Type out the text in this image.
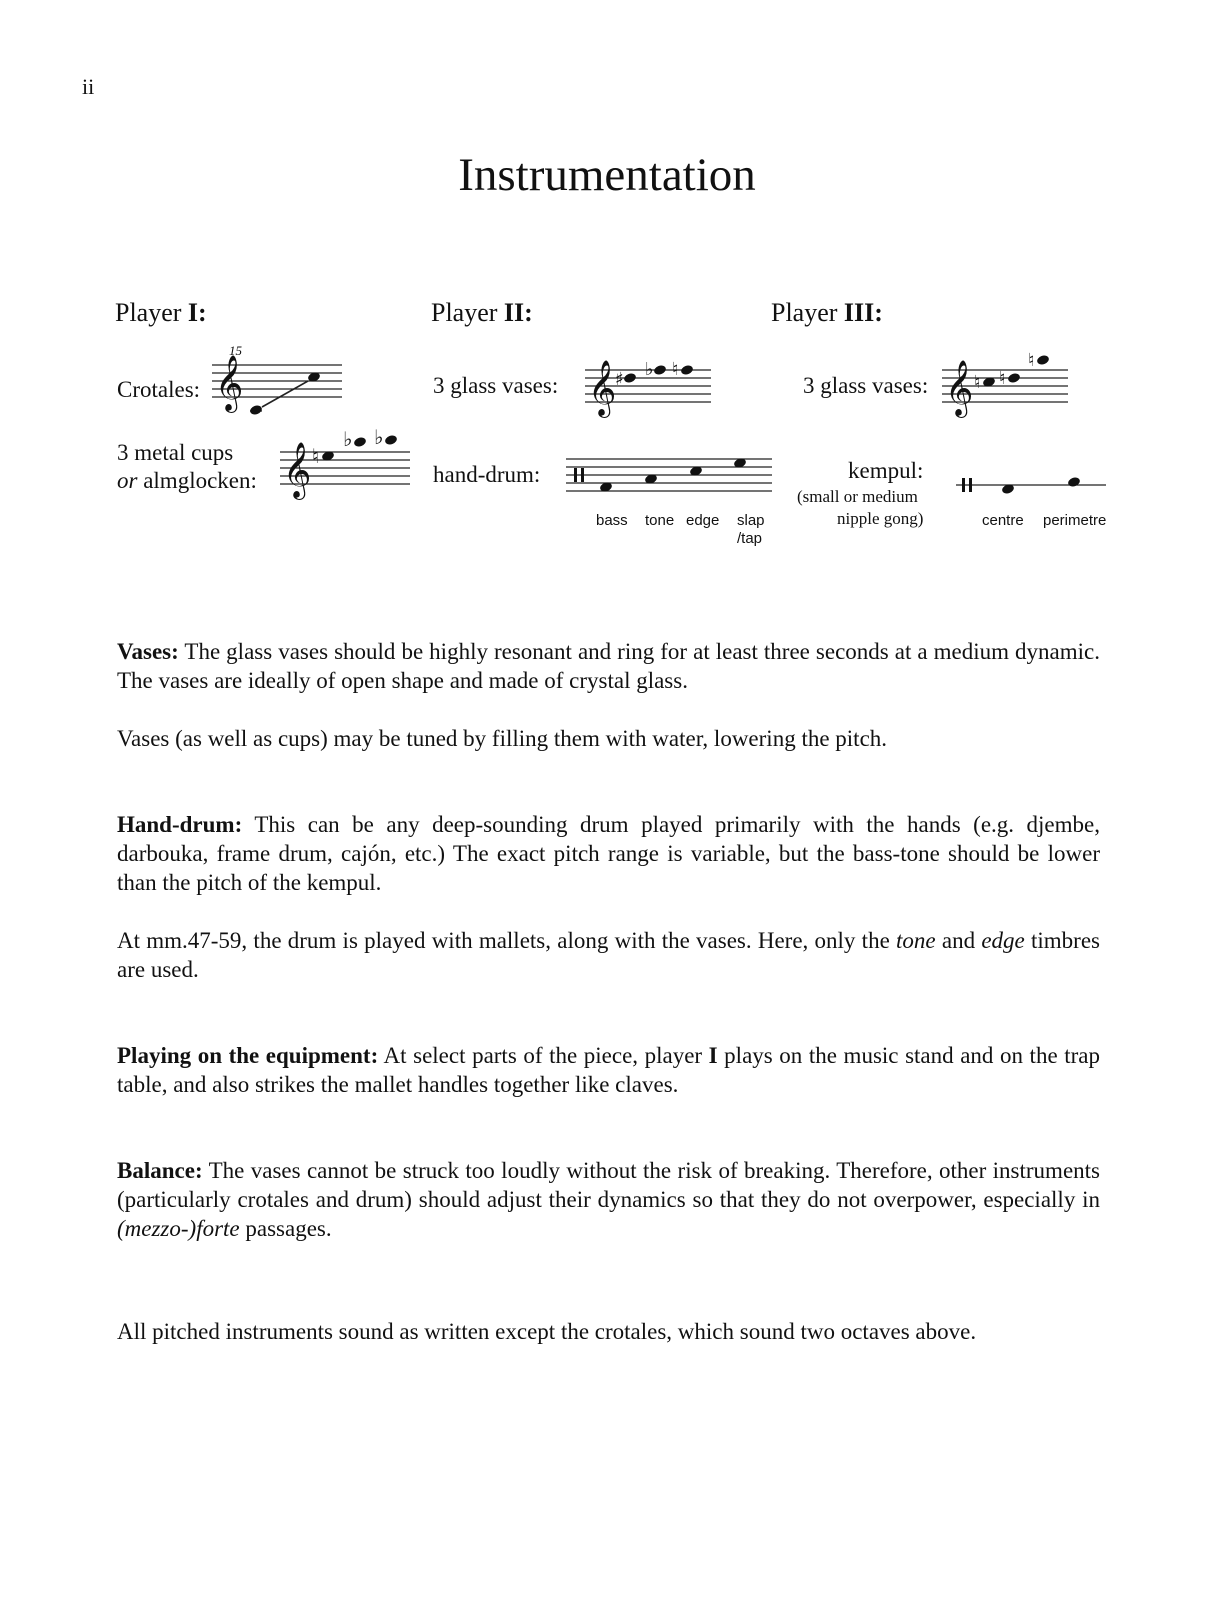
ii
Instrumentation
Player I:	Player II:	Player III:
Crotales:
15
𝄞
3 metal cups
or almglocken: 𝄞 ♮
♭ ♭
3 glass vases: 𝄞
♯ ♭ ♮
hand-drum:
bass tone edge slap
/tap
3 glass vases: 𝄞 ♮ ♮
♮
kempul:
(small or medium
nipple gong)	centre perimetre
Vases: The glass vases should be highly resonant and ring for at least three seconds at a medium dynamic. The vases are ideally of open shape and made of crystal glass.
Vases (as well as cups) may be tuned by filling them with water, lowering the pitch.
Hand-drum: This can be any deep-sounding drum played primarily with the hands (e.g. djembe, darbouka, frame drum, cajón, etc.) The exact pitch range is variable, but the bass-tone should be lower than the pitch of the kempul.
At mm.47-59, the drum is played with mallets, along with the vases. Here, only the tone and edge timbres are used.
Playing on the equipment: At select parts of the piece, player I plays on the music stand and on the trap table, and also strikes the mallet handles together like claves.
Balance: The vases cannot be struck too loudly without the risk of breaking. Therefore, other instruments (particularly crotales and drum) should adjust their dynamics so that they do not overpower, especially in (mezzo-)forte passages.
All pitched instruments sound as written except the crotales, which sound two octaves above.
